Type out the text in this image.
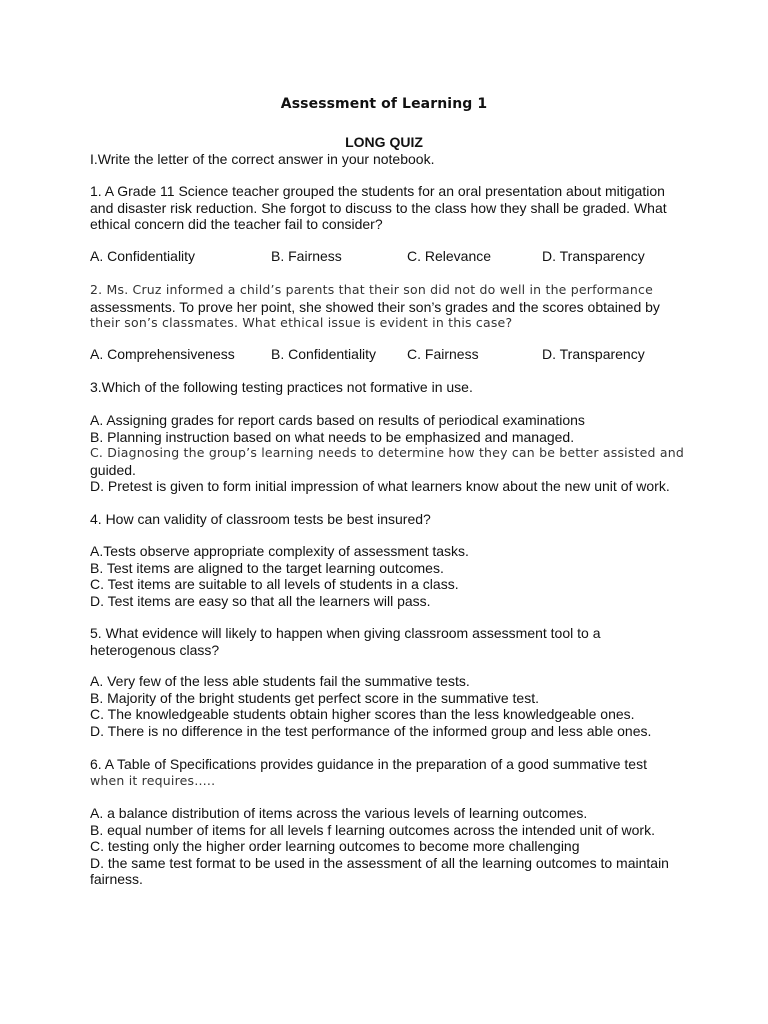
Assessment of Learning 1
LONG QUIZ
I.Write the letter of the correct answer in your notebook.
1. A Grade 11 Science teacher grouped the students for an oral presentation about mitigation
and disaster risk reduction. She forgot to discuss to the class how they shall be graded. What
ethical concern did the teacher fail to consider?
A. Confidentiality	B. Fairness	C. Relevance	D. Transparency
2. Ms. Cruz informed a child’s parents that their son did not do well in the performance
assessments. To prove her point, she showed their son’s grades and the scores obtained by
their son’s classmates. What ethical issue is evident in this case?
A. Comprehensiveness	B. Confidentiality C. Fairness	D. Transparency
3.Which of the following testing practices not formative in use.
A. Assigning grades for report cards based on results of periodical examinations
B. Planning instruction based on what needs to be emphasized and managed.
C. Diagnosing the group’s learning needs to determine how they can be better assisted and
guided.
D. Pretest is given to form initial impression of what learners know about the new unit of work.
4. How can validity of classroom tests be best insured?
A.Tests observe appropriate complexity of assessment tasks.
B. Test items are aligned to the target learning outcomes.
C. Test items are suitable to all levels of students in a class.
D. Test items are easy so that all the learners will pass.
5. What evidence will likely to happen when giving classroom assessment tool to a
heterogenous class?
A. Very few of the less able students fail the summative tests.
B. Majority of the bright students get perfect score in the summative test.
C. The knowledgeable students obtain higher scores than the less knowledgeable ones.
D. There is no difference in the test performance of the informed group and less able ones.
6. A Table of Specifications provides guidance in the preparation of a good summative test
when it requires…..
A. a balance distribution of items across the various levels of learning outcomes.
B. equal number of items for all levels f learning outcomes across the intended unit of work.
C. testing only the higher order learning outcomes to become more challenging
D. the same test format to be used in the assessment of all the learning outcomes to maintain
fairness.
